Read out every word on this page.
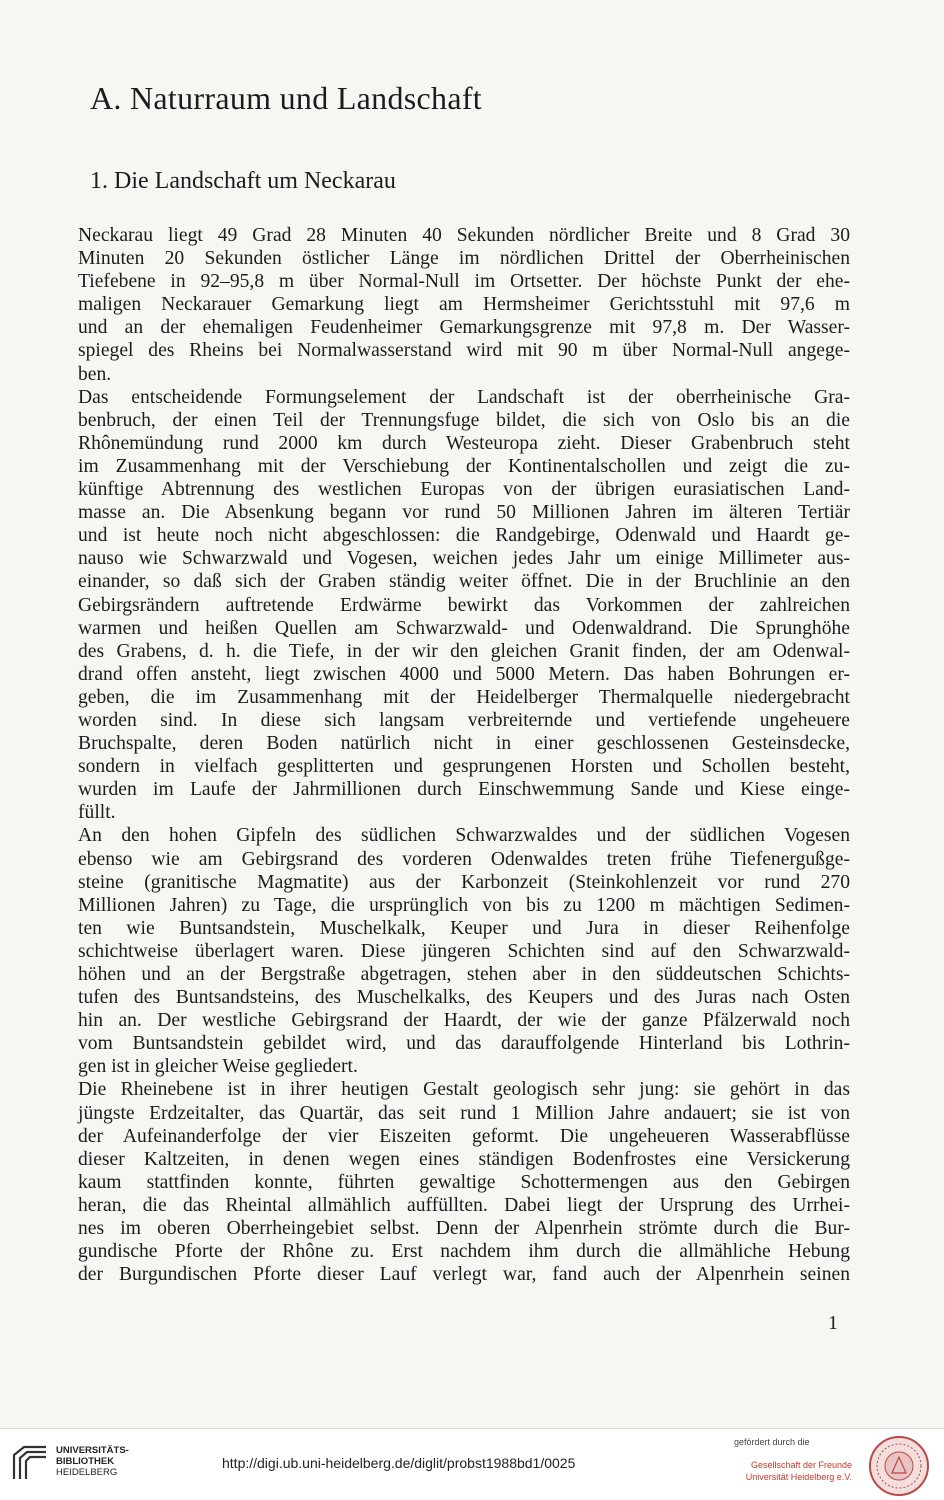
A. Naturraum und Landschaft
1. Die Landschaft um Neckarau
Neckarau liegt 49 Grad 28 Minuten 40 Sekunden nördlicher Breite und 8 Grad 30
Minuten 20 Sekunden östlicher Länge im nördlichen Drittel der Oberrheinischen
Tiefebene in 92–95,8 m über Normal-Null im Ortsetter. Der höchste Punkt der ehe-
maligen Neckarauer Gemarkung liegt am Hermsheimer Gerichtsstuhl mit 97,6 m
und an der ehemaligen Feudenheimer Gemarkungsgrenze mit 97,8 m. Der Wasser-
spiegel des Rheins bei Normalwasserstand wird mit 90 m über Normal-Null angege-
ben.
Das entscheidende Formungselement der Landschaft ist der oberrheinische Gra-
benbruch, der einen Teil der Trennungsfuge bildet, die sich von Oslo bis an die
Rhônemündung rund 2000 km durch Westeuropa zieht. Dieser Grabenbruch steht
im Zusammenhang mit der Verschiebung der Kontinentalschollen und zeigt die zu-
künftige Abtrennung des westlichen Europas von der übrigen eurasiatischen Land-
masse an. Die Absenkung begann vor rund 50 Millionen Jahren im älteren Tertiär
und ist heute noch nicht abgeschlossen: die Randgebirge, Odenwald und Haardt ge-
nauso wie Schwarzwald und Vogesen, weichen jedes Jahr um einige Millimeter aus-
einander, so daß sich der Graben ständig weiter öffnet. Die in der Bruchlinie an den
Gebirgsrändern auftretende Erdwärme bewirkt das Vorkommen der zahlreichen
warmen und heißen Quellen am Schwarzwald- und Odenwaldrand. Die Sprunghöhe
des Grabens, d. h. die Tiefe, in der wir den gleichen Granit finden, der am Odenwal-
drand offen ansteht, liegt zwischen 4000 und 5000 Metern. Das haben Bohrungen er-
geben, die im Zusammenhang mit der Heidelberger Thermalquelle niedergebracht
worden sind. In diese sich langsam verbreiternde und vertiefende ungeheuere
Bruchspalte, deren Boden natürlich nicht in einer geschlossenen Gesteinsdecke,
sondern in vielfach gesplitterten und gesprungenen Horsten und Schollen besteht,
wurden im Laufe der Jahrmillionen durch Einschwemmung Sande und Kiese einge-
füllt.
An den hohen Gipfeln des südlichen Schwarzwaldes und der südlichen Vogesen
ebenso wie am Gebirgsrand des vorderen Odenwaldes treten frühe Tiefenergußge-
steine (granitische Magmatite) aus der Karbonzeit (Steinkohlenzeit vor rund 270
Millionen Jahren) zu Tage, die ursprünglich von bis zu 1200 m mächtigen Sedimen-
ten wie Buntsandstein, Muschelkalk, Keuper und Jura in dieser Reihenfolge
schichtweise überlagert waren. Diese jüngeren Schichten sind auf den Schwarzwald-
höhen und an der Bergstraße abgetragen, stehen aber in den süddeutschen Schichts-
tufen des Buntsandsteins, des Muschelkalks, des Keupers und des Juras nach Osten
hin an. Der westliche Gebirgsrand der Haardt, der wie der ganze Pfälzerwald noch
vom Buntsandstein gebildet wird, und das darauffolgende Hinterland bis Lothrin-
gen ist in gleicher Weise gegliedert.
Die Rheinebene ist in ihrer heutigen Gestalt geologisch sehr jung: sie gehört in das
jüngste Erdzeitalter, das Quartär, das seit rund 1 Million Jahre andauert; sie ist von
der Aufeinanderfolge der vier Eiszeiten geformt. Die ungeheueren Wasserabflüsse
dieser Kaltzeiten, in denen wegen eines ständigen Bodenfrostes eine Versickerung
kaum stattfinden konnte, führten gewaltige Schottermengen aus den Gebirgen
heran, die das Rheintal allmählich auffüllten. Dabei liegt der Ursprung des Urrhei-
nes im oberen Oberrheingebiet selbst. Denn der Alpenrhein strömte durch die Bur-
gundische Pforte der Rhône zu. Erst nachdem ihm durch die allmähliche Hebung
der Burgundischen Pforte dieser Lauf verlegt war, fand auch der Alpenrhein seinen
1
UNIVERSITÄTS-
BIBLIOTHEK
HEIDELBERG
http://digi.ub.uni-heidelberg.de/diglit/probst1988bd1/0025
gefördert durch die
Gesellschaft der Freunde
Universität Heidelberg e.V.
